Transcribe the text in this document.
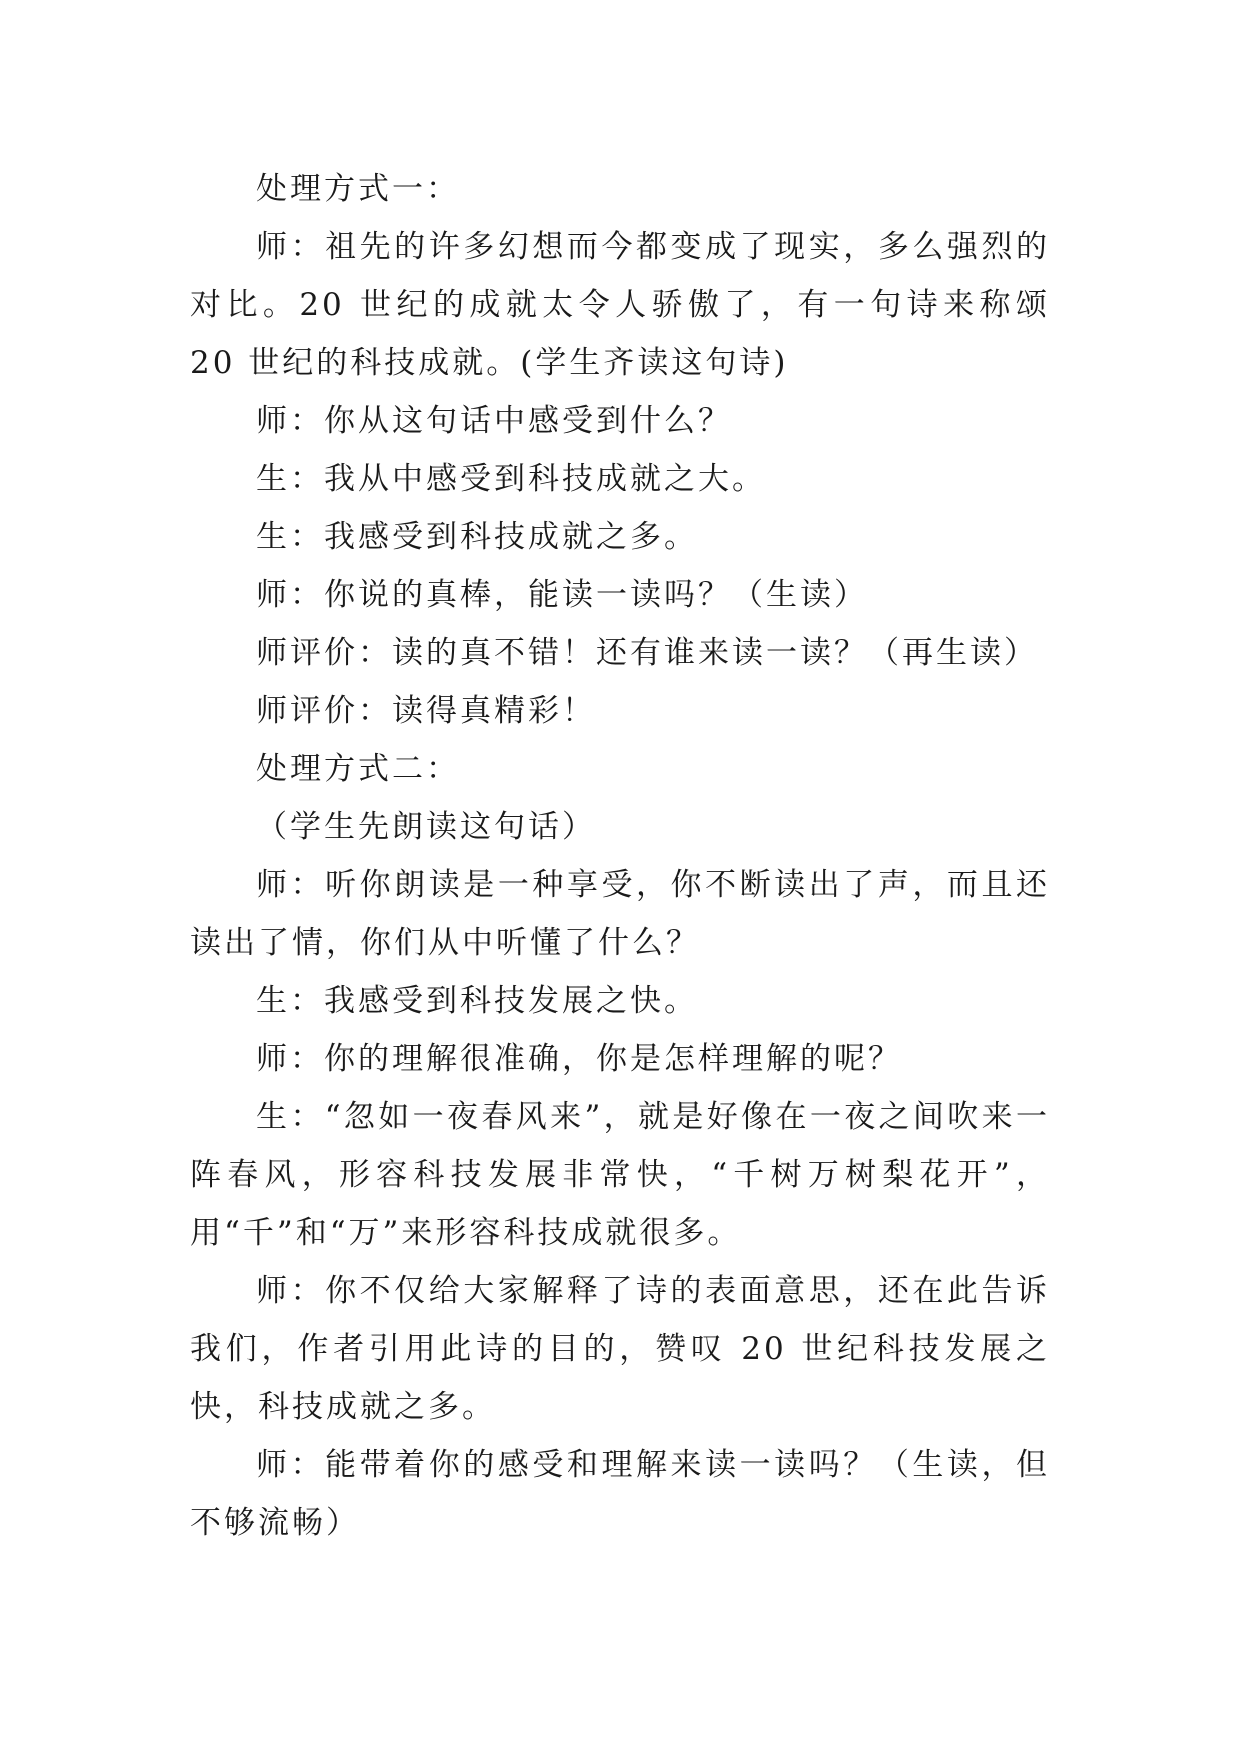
处理方式一：

师：祖先的许多幻想而今都变成了现实，多么强烈的对比。20 世纪的成就太令人骄傲了，有一句诗来称颂 20 世纪的科技成就。(学生齐读这句诗)

师：你从这句话中感受到什么？

生：我从中感受到科技成就之大。

生：我感受到科技成就之多。

师：你说的真棒，能读一读吗？（生读）

师评价：读的真不错！还有谁来读一读？（再生读）

师评价：读得真精彩！

处理方式二：

（学生先朗读这句话）

师：听你朗读是一种享受，你不断读出了声，而且还读出了情，你们从中听懂了什么？

生：我感受到科技发展之快。

师：你的理解很准确，你是怎样理解的呢？

生：“忽如一夜春风来”，就是好像在一夜之间吹来一阵春风，形容科技发展非常快，“千树万树梨花开”，用“千”和“万”来形容科技成就很多。

师：你不仅给大家解释了诗的表面意思，还在此告诉我们，作者引用此诗的目的，赞叹 20 世纪科技发展之快，科技成就之多。

师：能带着你的感受和理解来读一读吗？（生读，但不够流畅）
